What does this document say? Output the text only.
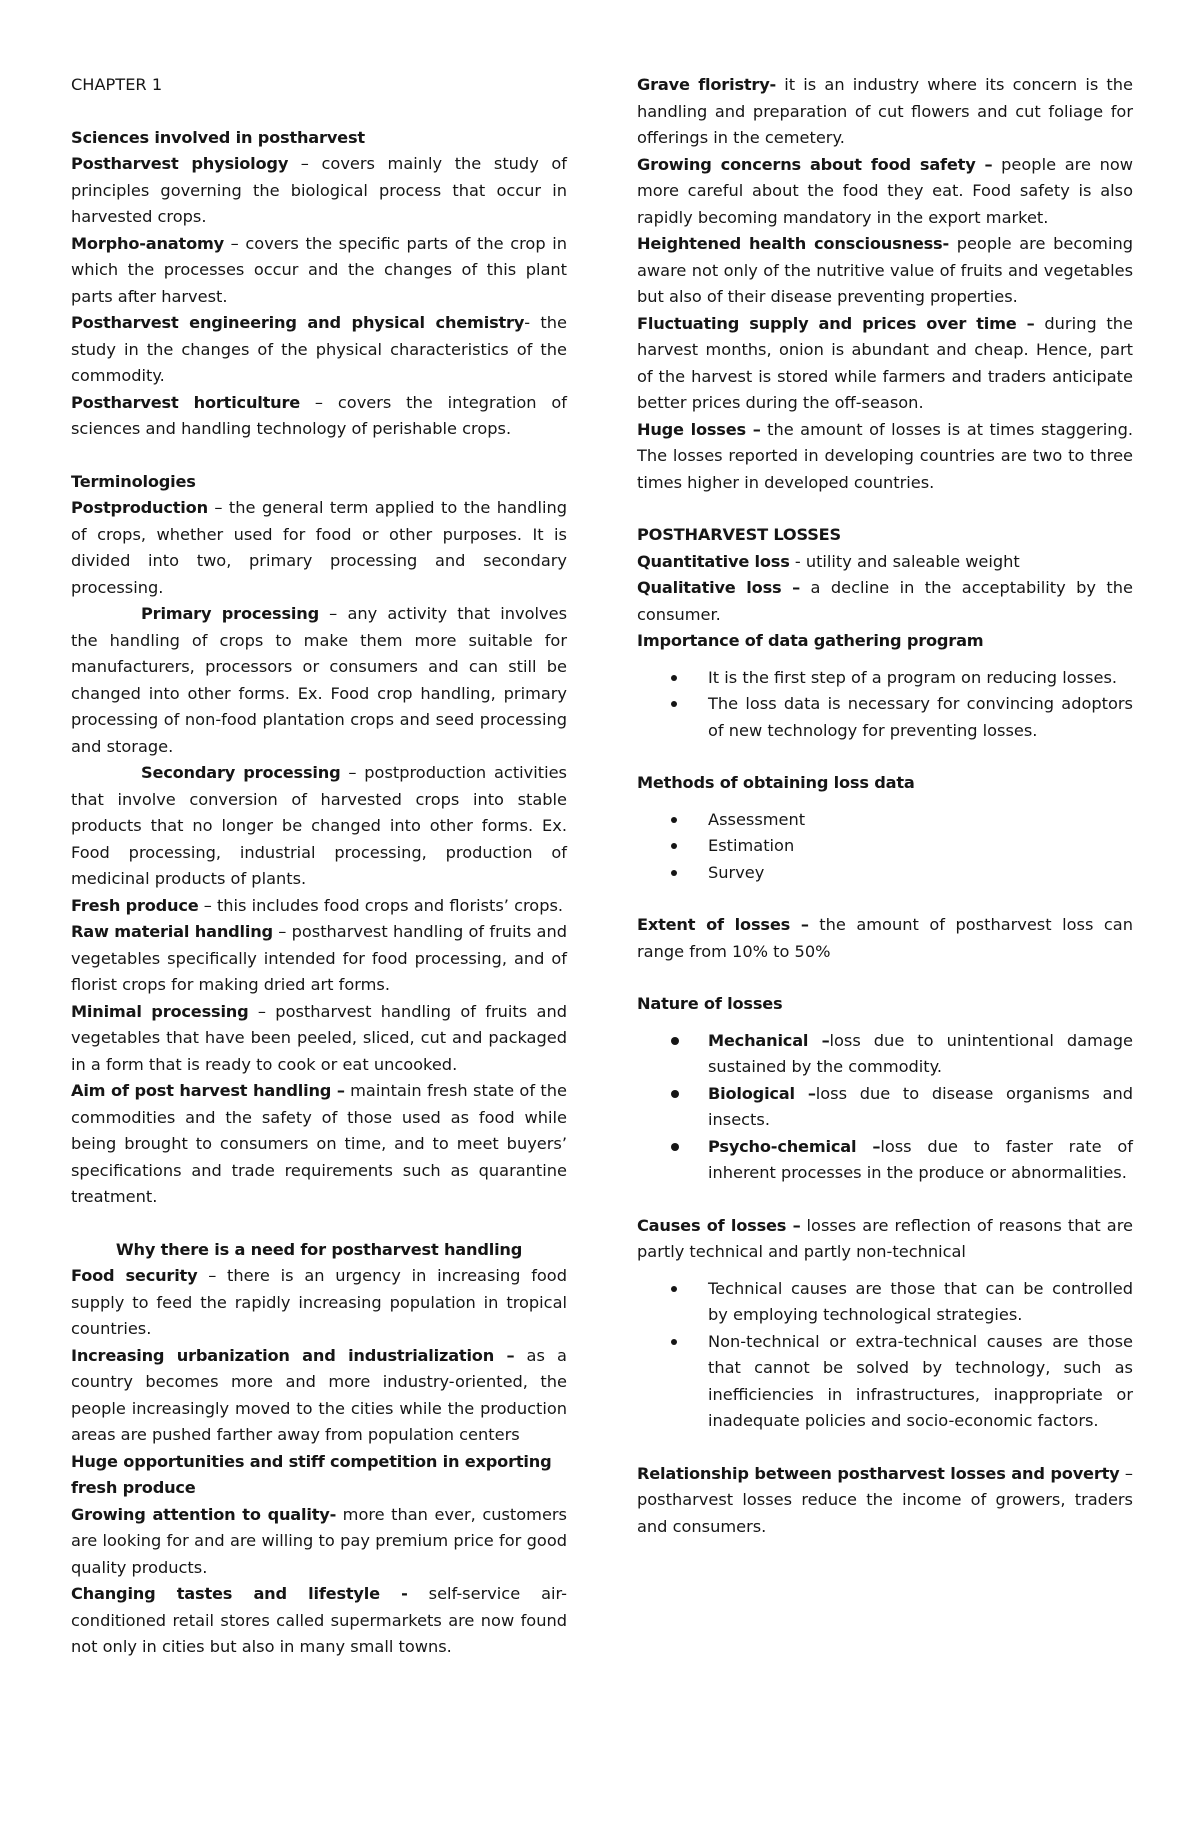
CHAPTER 1

Sciences involved in postharvest

Postharvest physiology – covers mainly the study of principles governing the biological process that occur in harvested crops.

Morpho-anatomy – covers the specific parts of the crop in which the processes occur and the changes of this plant parts after harvest.

Postharvest engineering and physical chemistry- the study in the changes of the physical characteristics of the commodity.

Postharvest horticulture – covers the integration of sciences and handling technology of perishable crops.

Terminologies

Postproduction – the general term applied to the handling of crops, whether used for food or other purposes. It is divided into two, primary processing and secondary processing.

Primary processing – any activity that involves the handling of crops to make them more suitable for manufacturers, processors or consumers and can still be changed into other forms. Ex. Food crop handling, primary processing of non-food plantation crops and seed processing and storage.

Secondary processing – postproduction activities that involve conversion of harvested crops into stable products that no longer be changed into other forms. Ex. Food processing, industrial processing, production of medicinal products of plants.

Fresh produce – this includes food crops and florists’ crops.

Raw material handling – postharvest handling of fruits and vegetables specifically intended for food processing, and of florist crops for making dried art forms.

Minimal processing – postharvest handling of fruits and vegetables that have been peeled, sliced, cut and packaged in a form that is ready to cook or eat uncooked.

Aim of post harvest handling – maintain fresh state of the commodities and the safety of those used as food while being brought to consumers on time, and to meet buyers’ specifications and trade requirements such as quarantine treatment.

Why there is a need for postharvest handling

Food security – there is an urgency in increasing food supply to feed the rapidly increasing population in tropical countries.

Increasing urbanization and industrialization – as a country becomes more and more industry-oriented, the people increasingly moved to the cities while the production areas are pushed farther away from population centers

Huge opportunities and stiff competition in exporting fresh produce

Growing attention to quality- more than ever, customers are looking for and are willing to pay premium price for good quality products.

Changing tastes and lifestyle - self-service air-conditioned retail stores called supermarkets are now found not only in cities but also in many small towns.

Grave floristry- it is an industry where its concern is the handling and preparation of cut flowers and cut foliage for offerings in the cemetery.

Growing concerns about food safety – people are now more careful about the food they eat. Food safety is also rapidly becoming mandatory in the export market.

Heightened health consciousness- people are becoming aware not only of the nutritive value of fruits and vegetables but also of their disease preventing properties.

Fluctuating supply and prices over time – during the harvest months, onion is abundant and cheap. Hence, part of the harvest is stored while farmers and traders anticipate better prices during the off-season.

Huge losses – the amount of losses is at times staggering. The losses reported in developing countries are two to three times higher in developed countries.

POSTHARVEST LOSSES

Quantitative loss - utility and saleable weight

Qualitative loss – a decline in the acceptability by the consumer.

Importance of data gathering program

It is the first step of a program on reducing losses.
The loss data is necessary for convincing adoptors of new technology for preventing losses.

Methods of obtaining loss data

Assessment
Estimation
Survey

Extent of losses – the amount of postharvest loss can range from 10% to 50%

Nature of losses

Mechanical –loss due to unintentional damage sustained by the commodity.
Biological –loss due to disease organisms and insects.
Psycho-chemical –loss due to faster rate of inherent processes in the produce or abnormalities.

Causes of losses – losses are reflection of reasons that are partly technical and partly non-technical

Technical causes are those that can be controlled by employing technological strategies.
Non-technical or extra-technical causes are those that cannot be solved by technology, such as inefficiencies in infrastructures, inappropriate or inadequate policies and socio-economic factors.

Relationship between postharvest losses and poverty – postharvest losses reduce the income of growers, traders and consumers.
